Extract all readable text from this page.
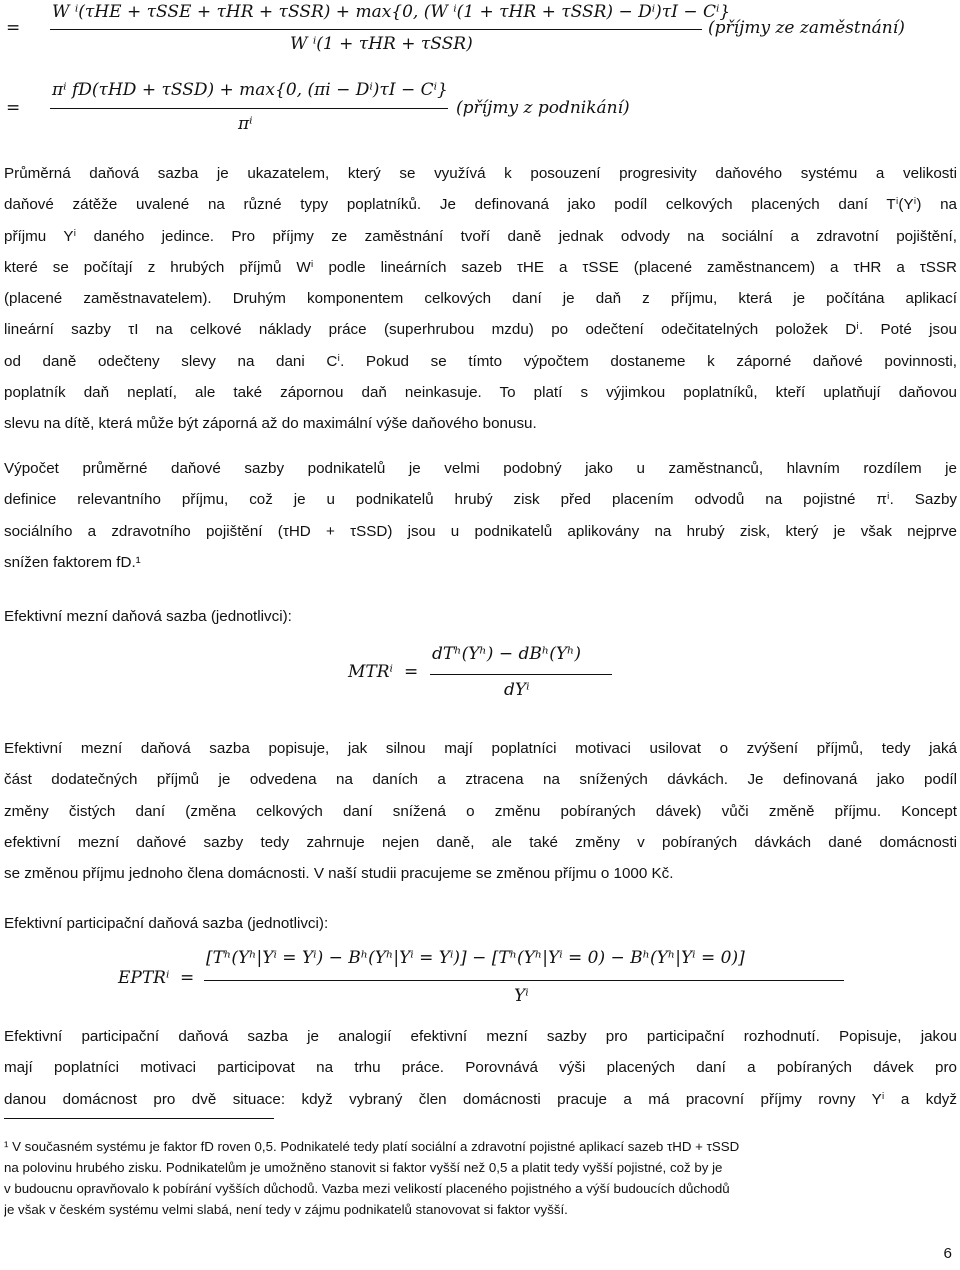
=
W ⁱ(τHE + τSSE + τHR + τSSR) + max{0, (W ⁱ(1 + τHR + τSSR) − Dⁱ)τI − Cⁱ}
W ⁱ(1 + τHR + τSSR)
(příjmy ze zaměstnání)
=
πⁱ fD(τHD + τSSD) + max{0, (πi − Dⁱ)τI − Cⁱ}
πⁱ
(příjmy z podnikání)

Průměrná daňová sazba je ukazatelem, který se využívá k posouzení progresivity daňového systému a velikosti
daňové zátěže uvalené na různé typy poplatníků. Je definovaná jako podíl celkových placených daní Tⁱ(Yⁱ) na
příjmu Yⁱ daného jedince. Pro příjmy ze zaměstnání tvoří daně jednak odvody na sociální a zdravotní pojištění,
které se počítají z hrubých příjmů Wⁱ podle lineárních sazeb τHE a τSSE (placené zaměstnancem) a τHR a τSSR
(placené zaměstnavatelem). Druhým komponentem celkových daní je daň z příjmu, která je počítána aplikací
lineární sazby τI na celkové náklady práce (superhrubou mzdu) po odečtení odečitatelných položek Dⁱ. Poté jsou
od daně odečteny slevy na dani Cⁱ. Pokud se tímto výpočtem dostaneme k záporné daňové povinnosti,
poplatník daň neplatí, ale také zápornou daň neinkasuje. To platí s výjimkou poplatníků, kteří uplatňují daňovou
slevu na dítě, která může být záporná až do maximální výše daňového bonusu.

Výpočet průměrné daňové sazby podnikatelů je velmi podobný jako u zaměstnanců, hlavním rozdílem je
definice relevantního příjmu, což je u podnikatelů hrubý zisk před placením odvodů na pojistné πⁱ. Sazby
sociálního a zdravotního pojištění (τHD + τSSD) jsou u podnikatelů aplikovány na hrubý zisk, který je však nejprve
snížen faktorem fD.¹

Efektivní mezní daňová sazba (jednotlivci):

MTRⁱ =
dTʰ(Yʰ) − dBʰ(Yʰ)
dYⁱ

Efektivní mezní daňová sazba popisuje, jak silnou mají poplatníci motivaci usilovat o zvýšení příjmů, tedy jaká
část dodatečných příjmů je odvedena na daních a ztracena na snížených dávkách. Je definovaná jako podíl
změny čistých daní (změna celkových daní snížená o změnu pobíraných dávek) vůči změně příjmu. Koncept
efektivní mezní daňové sazby tedy zahrnuje nejen daně, ale také změny v pobíraných dávkách dané domácnosti
se změnou příjmu jednoho člena domácnosti. V naší studii pracujeme se změnou příjmu o 1000 Kč.

Efektivní participační daňová sazba (jednotlivci):

EPTRⁱ =
[Tʰ(Yʰ|Yⁱ = Yⁱ) − Bʰ(Yʰ|Yⁱ = Yⁱ)] − [Tʰ(Yʰ|Yⁱ = 0) − Bʰ(Yʰ|Yⁱ = 0)]
Yⁱ

Efektivní participační daňová sazba je analogií efektivní mezní sazby pro participační rozhodnutí. Popisuje, jakou
mají poplatníci motivaci participovat na trhu práce. Porovnává výši placených daní a pobíraných dávek pro
danou domácnost pro dvě situace: když vybraný člen domácnosti pracuje a má pracovní příjmy rovny Yⁱ a když

¹ V současném systému je faktor fD roven 0,5. Podnikatelé tedy platí sociální a zdravotní pojistné aplikací sazeb τHD + τSSD
na polovinu hrubého zisku. Podnikatelům je umožněno stanovit si faktor vyšší než 0,5 a platit tedy vyšší pojistné, což by je
v budoucnu opravňovalo k pobírání vyšších důchodů. Vazba mezi velikostí placeného pojistného a výší budoucích důchodů
je však v českém systému velmi slabá, není tedy v zájmu podnikatelů stanovovat si faktor vyšší.

6
